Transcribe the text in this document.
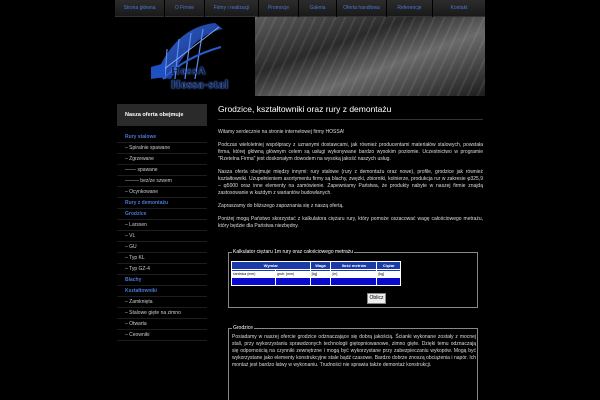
Strona główna	O Firmie	Firmy i realizacji	Promocje	Galeria	Oferta handlowa	Referencje	Kontakt
HossA
Hossa-stal
Nasza oferta obejmuje
Rury stalowe
– Spiralnie spawane
– Zgrzewane
–––– spawane
––––– bez/ze szwem
– Ocynkowane
Rury z demontażu
Grodzice
– Larssen
– VL
– GU
– Typ KL
– Typ GZ-4
Blachy
Kształtowniki
– Zamknięta
– Stalowe gięte na zimno
– Otwarta
– Ceowniki
Grodzice, kształtowniki oraz rury z demontażu

Witamy serdecznie na stronie internetowej firmy HOSSA!

Podczas wieloletniej współpracy z uznanymi dostawcami, jak również producentami materiałów stalowych, powstała firma, której główną głównym celem są usługi wykonywane bardzo wysokim poziomie. Uczestnictwo w programie "Rzetelna Firma" jest doskonałym dowodem na wysoką jakość naszych usług.

Nasza oferta obejmuje między innymi: rury stalowe (rury z demontażu oraz nowe), profile, grodzice jak również kształtowniki. Uzupełnieniem asortymentu firmy są blachy, zwężki, zbiorniki, kolnierze, produkcja rur w zakresie φ325,9 – φ5000 oraz inne elementy na zamówienie. Zapewniamy Państwa, że produkty nabyte w naszej firmie znajdą zastosowanie w każdym z wariantów budowlanych.

Zapraszamy do bliższego zapoznania się z naszą ofertą.

Poniżej mogą Państwo skorzystać z kalkulatora ciężaru rury, który pomoże oszacować wagę całościowego metrażu, który będzie dla Państwa niezbędny.

Kalkulator ciężaru 1m rury oraz całościowego metrażu
Wymiar		Waga	Ilość metrów	Ciężar

średnica (mm)	grub. (mm)	[kg]	[m]	[kg]

Oblicz
Grodzice

Posiadamy w naszej ofercie grodzice odznaczające się dobrą jakością. Ścianki wykonane zostały z mocnej stali, przy wykorzystaniu sprawdzonych technologii giętopniowanowe, zimno gięte. Dzięki temu odznaczają się odpornością na czynniki zewnętrzne i mogą być wykorzystane przy zabezpieczaniu wykopów. Mogą być wykorzystane jako elementy konstrukcyjne stale bądź czasowe. Bardzo dobrze znoszą obciążenia i napór. Ich montaż jest bardzo łatwy w wykonaniu. Trudności nie sprawia także demontaż konstrukcji.
